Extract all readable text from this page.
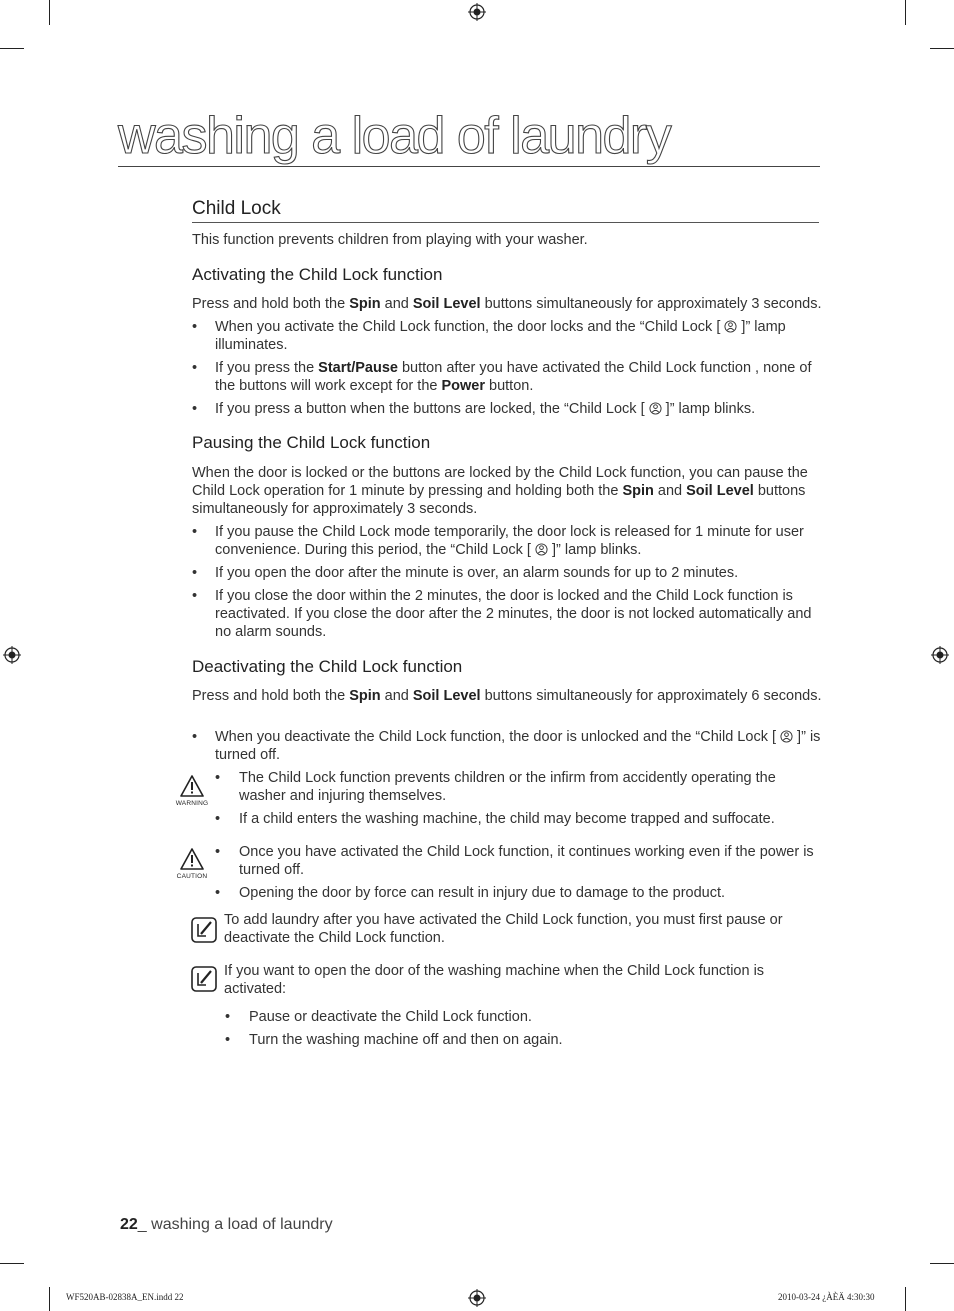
washing a load of laundry
Child Lock
This function prevents children from playing with your washer.
Activating the Child Lock function
Press and hold both the Spin and Soil Level buttons simultaneously for approximately 3 seconds.
• When you activate the Child Lock function, the door locks and the “Child Lock [  ]” lamp illuminates.
• If you press the Start/Pause button after you have activated the Child Lock function , none of the buttons will work except for the Power button.
• If you press a button when the buttons are locked, the “Child Lock [  ]” lamp blinks.
Pausing the Child Lock function
When the door is locked or the buttons are locked by the Child Lock function, you can pause the Child Lock operation for 1 minute by pressing and holding both the Spin and Soil Level buttons simultaneously for approximately 3 seconds.
• If you pause the Child Lock mode temporarily, the door lock is released for 1 minute for user convenience. During this period, the “Child Lock [  ]” lamp blinks.
• If you open the door after the minute is over, an alarm sounds for up to 2 minutes.
• If you close the door within the 2 minutes, the door is locked and the Child Lock function is reactivated. If you close the door after the 2 minutes, the door is not locked automatically and no alarm sounds.
Deactivating the Child Lock function
Press and hold both the Spin and Soil Level buttons simultaneously for approximately 6 seconds.
• When you deactivate the Child Lock function, the door is unlocked and the “Child Lock [  ]” is turned off.
WARNING
• The Child Lock function prevents children or the infirm from accidently operating the washer and injuring themselves.
• If a child enters the washing machine, the child may become trapped and suffocate.
CAUTION
• Once you have activated the Child Lock function, it continues working even if the power is turned off.
• Opening the door by force can result in injury due to damage to the product.
To add laundry after you have activated the Child Lock function, you must first pause or deactivate the Child Lock function.
If you want to open the door of the washing machine when the Child Lock function is activated:
• Pause or deactivate the Child Lock function.
• Turn the washing machine off and then on again.
22_ washing a load of laundry
WF520AB-02838A_EN.indd 22	2010-03-24 ¿ÀÈÄ 4:30:30
